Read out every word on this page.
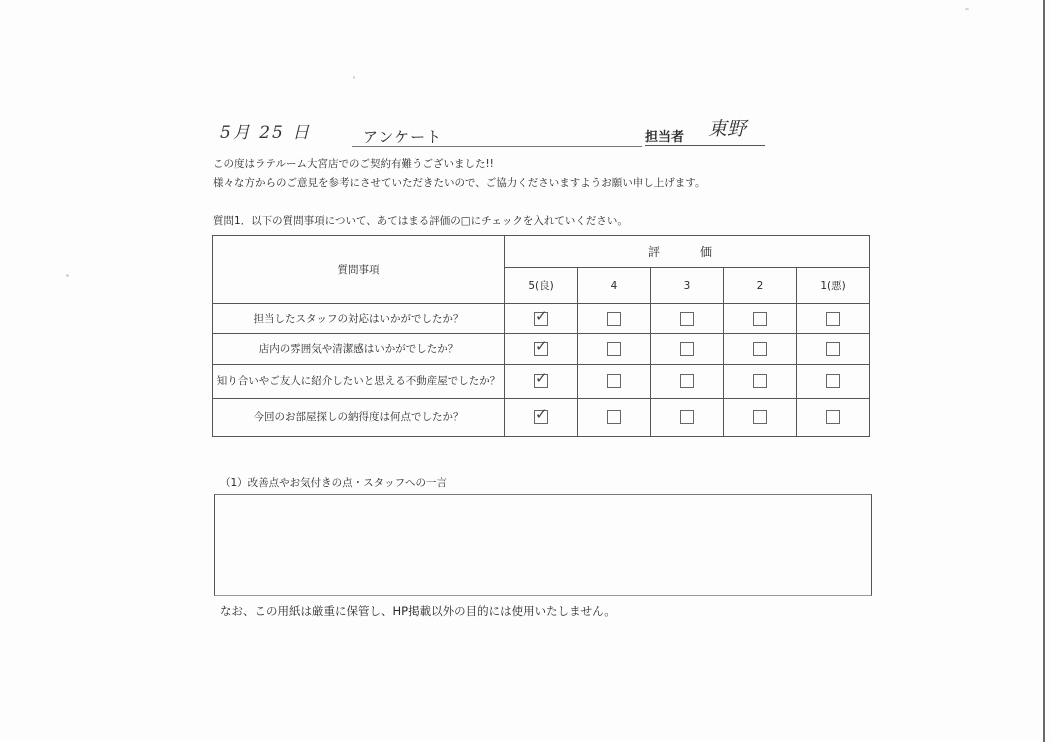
5月 25 日	アンケート	担当者 東野
この度はラテルーム大宮店でのご契約有難うございました!!
様々な方からのご意見を参考にさせていただきたいので、ご協力くださいますようお願い申し上げます。
質問1．以下の質問事項について、あてはまる評価の□にチェックを入れていください。
質問事項	評　価				
	5(良)	4	3	2	1(悪)
担当したスタッフの対応はいかがでしたか？	✓				

店内の雰囲気や清潔感はいかがでしたか？	✓				

知り合いやご友人に紹介したいと思える不動産屋でしたか？	✓				

今回のお部屋探しの納得度は何点でしたか？	✓				

（1）改善点やお気付きの点・スタッフへの一言
なお、この用紙は厳重に保管し、HP掲載以外の目的には使用いたしません。
